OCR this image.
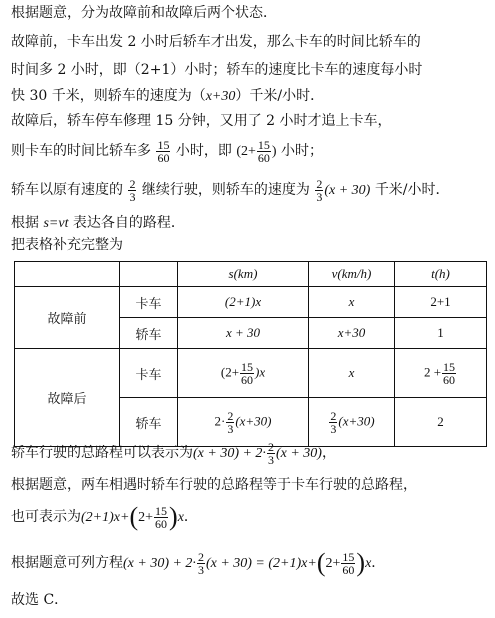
根据题意，分为故障前和故障后两个状态．
故障前，卡车出发 2 小时后轿车才出发，那么卡车的时间比轿车的
时间多 2 小时，即（2+1）小时；轿车的速度比卡车的速度每小时
快 30 千米，则轿车的速度为（x+30）千米/小时．
故障后，轿车停车修理 15 分钟，又用了 2 小时才追上卡车，
则卡车的时间比轿车多 $\frac{15}{60}$ 小时，即 ($2+ \frac{15}{60}$ ) 小时；
轿车以原有速度的 $\frac{2}{3}$ 继续行驶，则轿车的速度为 $\frac{2}{3} (x + 30)$ 千米/小时．
根据 s=vt 表达各自的路程．
把表格补充完整为
		s(km)	v(km/h)	t(h)
故障前	卡车	(2+1)x	x	2+1
	轿车	x + 30	x+30	1
故障后	卡车	$(2+ \frac{15}{60} )x$	x	$2 + \frac{15}{60}$

	轿车	$2\cdot \frac{2}{3} (x+30)$	$\frac{2}{3} (x+30)$	2
轿车行驶的总路程可以表示为$(x + 30) + 2\cdot \frac{2}{3} (x + 30)$，
根据题意，两车相遇时轿车行驶的总路程等于卡车行驶的总路程，
也可表示为$(2+1)x+(2+ \frac{15}{60} )x$．
根据题意可列方程$(x + 30) + 2\cdot \frac{2}{3} (x + 30) = (2+1)x+(2+ \frac{15}{60} )x$．
故选 C．
